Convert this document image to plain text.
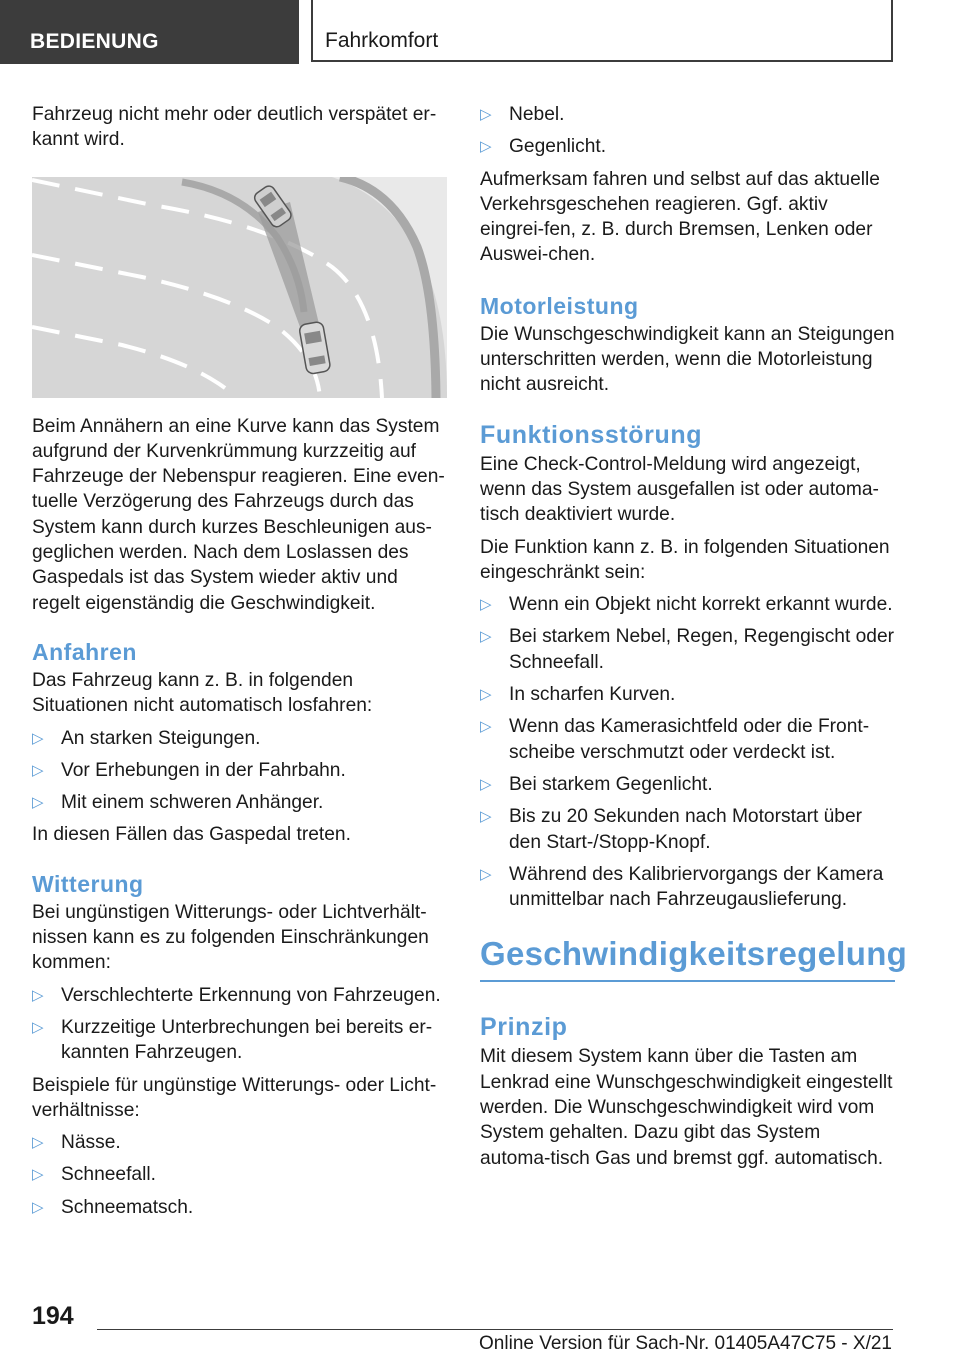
BEDIENUNG	Fahrkomfort

Fahrzeug nicht mehr oder deutlich verspätet er-kannt wird.

Beim Annähern an eine Kurve kann das System aufgrund der Kurvenkrümmung kurzzeitig auf Fahrzeuge der Nebenspur reagieren. Eine even-tuelle Verzögerung des Fahrzeugs durch das System kann durch kurzes Beschleunigen aus-geglichen werden. Nach dem Loslassen des Gaspedals ist das System wieder aktiv und regelt eigenständig die Geschwindigkeit.

Anfahren

Das Fahrzeug kann z. B. in folgenden Situationen nicht automatisch losfahren:

▷ An starken Steigungen.
▷ Vor Erhebungen in der Fahrbahn.
▷ Mit einem schweren Anhänger.

In diesen Fällen das Gaspedal treten.

Witterung

Bei ungünstigen Witterungs- oder Lichtverhält-nissen kann es zu folgenden Einschränkungen kommen:

▷ Verschlechterte Erkennung von Fahrzeugen.
▷ Kurzzeitige Unterbrechungen bei bereits er-kannten Fahrzeugen.

Beispiele für ungünstige Witterungs- oder Licht-verhältnisse:

▷ Nässe.
▷ Schneefall.
▷ Schneematsch.
▷ Nebel.
▷ Gegenlicht.

Aufmerksam fahren und selbst auf das aktuelle Verkehrsgeschehen reagieren. Ggf. aktiv eingrei-fen, z. B. durch Bremsen, Lenken oder Auswei-chen.

Motorleistung

Die Wunschgeschwindigkeit kann an Steigungen unterschritten werden, wenn die Motorleistung nicht ausreicht.

Funktionsstörung

Eine Check-Control-Meldung wird angezeigt, wenn das System ausgefallen ist oder automa-tisch deaktiviert wurde.

Die Funktion kann z. B. in folgenden Situationen eingeschränkt sein:

▷ Wenn ein Objekt nicht korrekt erkannt wurde.
▷ Bei starkem Nebel, Regen, Regengischt oder Schneefall.
▷ In scharfen Kurven.
▷ Wenn das Kamerasichtfeld oder die Front-scheibe verschmutzt oder verdeckt ist.
▷ Bei starkem Gegenlicht.
▷ Bis zu 20 Sekunden nach Motorstart über den Start-/Stopp-Knopf.
▷ Während des Kalibriervorgangs der Kamera unmittelbar nach Fahrzeugauslieferung.
Geschwindigkeitsregelung
Prinzip

Mit diesem System kann über die Tasten am Lenkrad eine Wunschgeschwindigkeit eingestellt werden. Die Wunschgeschwindigkeit wird vom System gehalten. Dazu gibt das System automa-tisch Gas und bremst ggf. automatisch.

194
Online Version für Sach-Nr. 01405A47C75 - X/21
